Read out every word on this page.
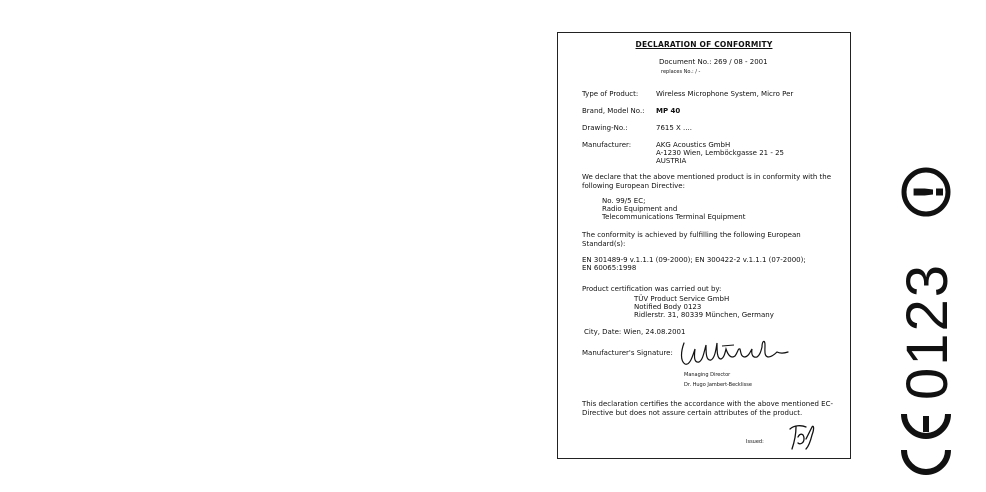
DECLARATION OF CONFORMITY
Document No.: 269 / 08 - 2001
replaces No.: / -
Type of Product:	Wireless Microphone System, Micro Per
Brand, Model No.: MP 40
Drawing-No.:	7615 X ....
Manufacturer:	AKG Acoustics GmbH
A-1230 Wien, Lemböckgasse 21 - 25
AUSTRIA
We declare that the above mentioned product is in conformity with the following European Directive:
No. 99/5 EC;
Radio Equipment and
Telecommunications Terminal Equipment
The conformity is achieved by fulfilling the following European Standard(s):
EN 301489-9 v.1.1.1 (09-2000); EN 300422-2 v.1.1.1 (07-2000);
EN 60065:1998
Product certification was carried out by:
TÜV Product Service GmbH
Notified Body 0123
Ridlerstr. 31, 80339 München, Germany
City, Date: Wien, 24.08.2001
Manufacturer's Signature:
Managing Director
Dr. Hugo Jambert-Becklisse
This declaration certifies the accordance with the above mentioned EC-Directive but does not assure certain attributes of the product.
Issued:
0123
!
CE
